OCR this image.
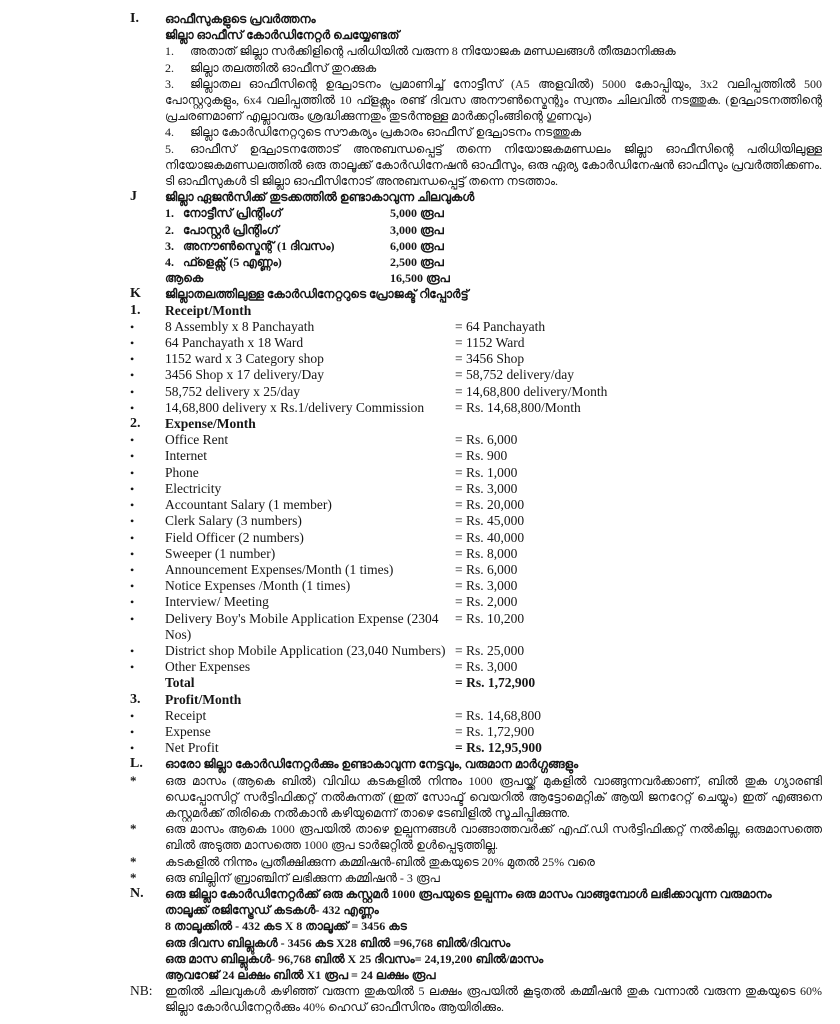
I.	ഓഫീസുകളുടെ പ്രവർത്തനം
ജില്ലാ ഓഫീസ് കോർഡിനേറ്റർ ചെയ്യേണ്ടത്

1. അതാത് ജില്ലാ സർക്കിളിന്റെ പരിധിയിൽ വരുന്ന 8 നിയോജക മണ്ഡലങ്ങൾ തീരുമാനിക്കുക

2. ജില്ലാ തലത്തിൽ ഓഫീസ് തുറക്കുക

3. ജില്ലാതല ഓഫീസിന്റെ ഉദ്ഘാടനം പ്രമാണിച്ച് നോട്ടീസ് (A5 അളവിൽ) 5000 കോപ്പിയും, 3x2 വലിപ്പത്തിൽ 500 പോസ്റ്ററുകളും, 6x4 വലിപ്പത്തിൽ 10 ഫ്ളക്സും രണ്ട് ദിവസ അനൗൺസ്മെന്റും സ്വന്തം ചിലവിൽ നടത്തുക. (ഉദ്ഘാടനത്തിന്റെ പ്രചരണമാണ് എല്ലാവരും ശ്രദ്ധിക്കുന്നതും തുടർന്നുള്ള മാർക്കറ്റിംങ്ങിന്റെ ഗുണവും)

4. ജില്ലാ കോർഡിനേറ്ററുടെ സൗകര്യം പ്രകാരം ഓഫീസ് ഉദ്ഘാടനം നടത്തുക

5. ഓഫീസ് ഉദ്ഘാടനത്തോട് അനുബന്ധപ്പെട്ട് തന്നെ നിയോജകമണ്ഡലം ജില്ലാ ഓഫീസിന്റെ പരിധിയിലുള്ള നിയോജകമണ്ഡലത്തിൽ ഒരു താലൂക്ക് കോർഡിനേഷൻ ഓഫീസും, ഒരു ഏര്യ കോർഡിനേഷൻ ഓഫീസും പ്രവർത്തിക്കണം. ടി ഓഫീസുകൾ ടി ജില്ലാ ഓഫീസിനോട് അനുബന്ധപ്പെട്ട് തന്നെ നടത്താം.

J	ജില്ലാ ഏജൻസിക്ക് തുടക്കത്തിൽ ഉണ്ടാകാവുന്ന ചിലവുകൾ
1. നോട്ടീസ് പ്രിന്റിംഗ്	5,000 രൂപ
2. പോസ്റ്റർ പ്രിന്റിംഗ്	3,000 രൂപ
3. അനൗൺസ്മെന്റ് (1 ദിവസം)	6,000 രൂപ
4. ഫ്ളെക്സ് (5 എണ്ണം)	2,500 രൂപ
ആകെ	16,500 രൂപ
K	ജില്ലാതലത്തിലുള്ള കോർഡിനേറ്ററുടെ പ്രോജക്ട് റിപ്പോർട്ട്
1.	Receipt/Month
•	8 Assembly x 8 Panchayath	= 64 Panchayath
•	64 Panchayath x 18 Ward	= 1152 Ward
•	1152 ward x 3 Category shop	= 3456 Shop
•	3456 Shop x 17 delivery/Day	= 58,752 delivery/day
•	58,752 delivery x 25/day	= 14,68,800 delivery/Month
•	14,68,800 delivery x Rs.1/delivery Commission	= Rs. 14,68,800/Month
2.	Expense/Month
•	Office Rent	= Rs. 6,000
•	Internet	= Rs. 900
•	Phone	= Rs. 1,000
•	Electricity	= Rs. 3,000
•	Accountant Salary (1 member)	= Rs. 20,000
•	Clerk Salary (3 numbers)	= Rs. 45,000
•	Field Officer (2 numbers)	= Rs. 40,000
•	Sweeper (1 number)	= Rs. 8,000
•	Announcement Expenses/Month (1 times)	= Rs. 6,000
•	Notice Expenses /Month (1 times)	= Rs. 3,000
•	Interview/ Meeting	= Rs. 2,000
•	Delivery Boy's Mobile Application Expense (2304 Nos)
= Rs. 10,200
•	District shop Mobile Application (23,040 Numbers) = Rs. 25,000
•	Other Expenses	= Rs. 3,000
Total	= Rs. 1,72,900
3.	Profit/Month
•	Receipt	= Rs. 14,68,800
•	Expense	= Rs. 1,72,900
•	Net Profit	= Rs. 12,95,900
L.	ഓരോ ജില്ലാ കോർഡിനേറ്റർക്കും ഉണ്ടാകാവുന്ന നേട്ടവും, വരുമാന മാർഗ്ഗങ്ങളും
*	ഒരു മാസം (ആകെ ബിൽ) വിവിധ കടകളിൽ നിന്നും 1000 രൂപയ്ക്ക് മുകളിൽ വാങ്ങുന്നവർക്കാണ്, ബിൽ തുക ഗ്യാരണ്ടി ഡെപ്പോസിറ്റ് സർട്ടിഫിക്കറ്റ് നൽകുന്നത് (ഇത് സോഫ്ട് വെയറിൽ ആട്ടോമെറ്റിക് ആയി ജനറേറ്റ് ചെയ്യും) ഇത് എങ്ങനെ കസ്റ്റമർക്ക് തിരികെ നൽകാൻ കഴിയുമെന്ന് താഴെ ടേബിളിൽ സൂചിപ്പിക്കുന്നു.

*	ഒരു മാസം ആകെ 1000 രൂപയിൽ താഴെ ഉല്പന്നങ്ങൾ വാങ്ങാത്തവർക്ക് എഫ്.ഡി സർട്ടിഫിക്കറ്റ് നൽകില്ല, ഒരുമാസത്തെ ബിൽ അടുത്ത മാസത്തെ 1000 രൂപ ടാർജറ്റിൽ ഉൾപ്പെടുത്തില്ല.

*	കടകളിൽ നിന്നും പ്രതീക്ഷിക്കുന്ന കമ്മിഷൻ-ബിൽ തുകയുടെ 20% മുതൽ 25% വരെ

*	ഒരു ബില്ലിന് ബ്രാഞ്ചിന് ലഭിക്കുന്ന കമ്മിഷൻ - 3 രൂപ

N.	ഒരു ജില്ലാ കോർഡിനേറ്റർക്ക് ഒരു കസ്റ്റമർ 1000 രൂപയുടെ ഉല്പന്നം ഒരു മാസം വാങ്ങുമ്പോൾ ലഭിക്കാവുന്ന വരുമാനം
താലൂക്ക് രജിസ്ട്രേഡ് കടകൾ- 432 എണ്ണം
8 താലൂക്കിൽ - 432 കട X 8 താലൂക്ക് = 3456 കട
ഒരു ദിവസ ബില്ലുകൾ - 3456 കട X28 ബിൽ =96,768 ബിൽ/ദിവസം
ഒരു മാസ ബില്ലുകൾ- 96,768 ബിൽ X 25 ദിവസം= 24,19,200 ബിൽ/മാസം
ആവറേജ് 24 ലക്ഷം ബിൽ X1 രൂപ = 24 ലക്ഷം രൂപ
NB:	ഇതിൽ ചിലവുകൾ കഴിഞ്ഞ് വരുന്ന തുകയിൽ 5 ലക്ഷം രൂപയിൽ കൂടുതൽ കമ്മീഷൻ തുക വന്നാൽ വരുന്ന തുകയുടെ 60% ജില്ലാ കോർഡിനേറ്റർക്കും 40% ഹെഡ് ഓഫീസിനും ആയിരിക്കും.
